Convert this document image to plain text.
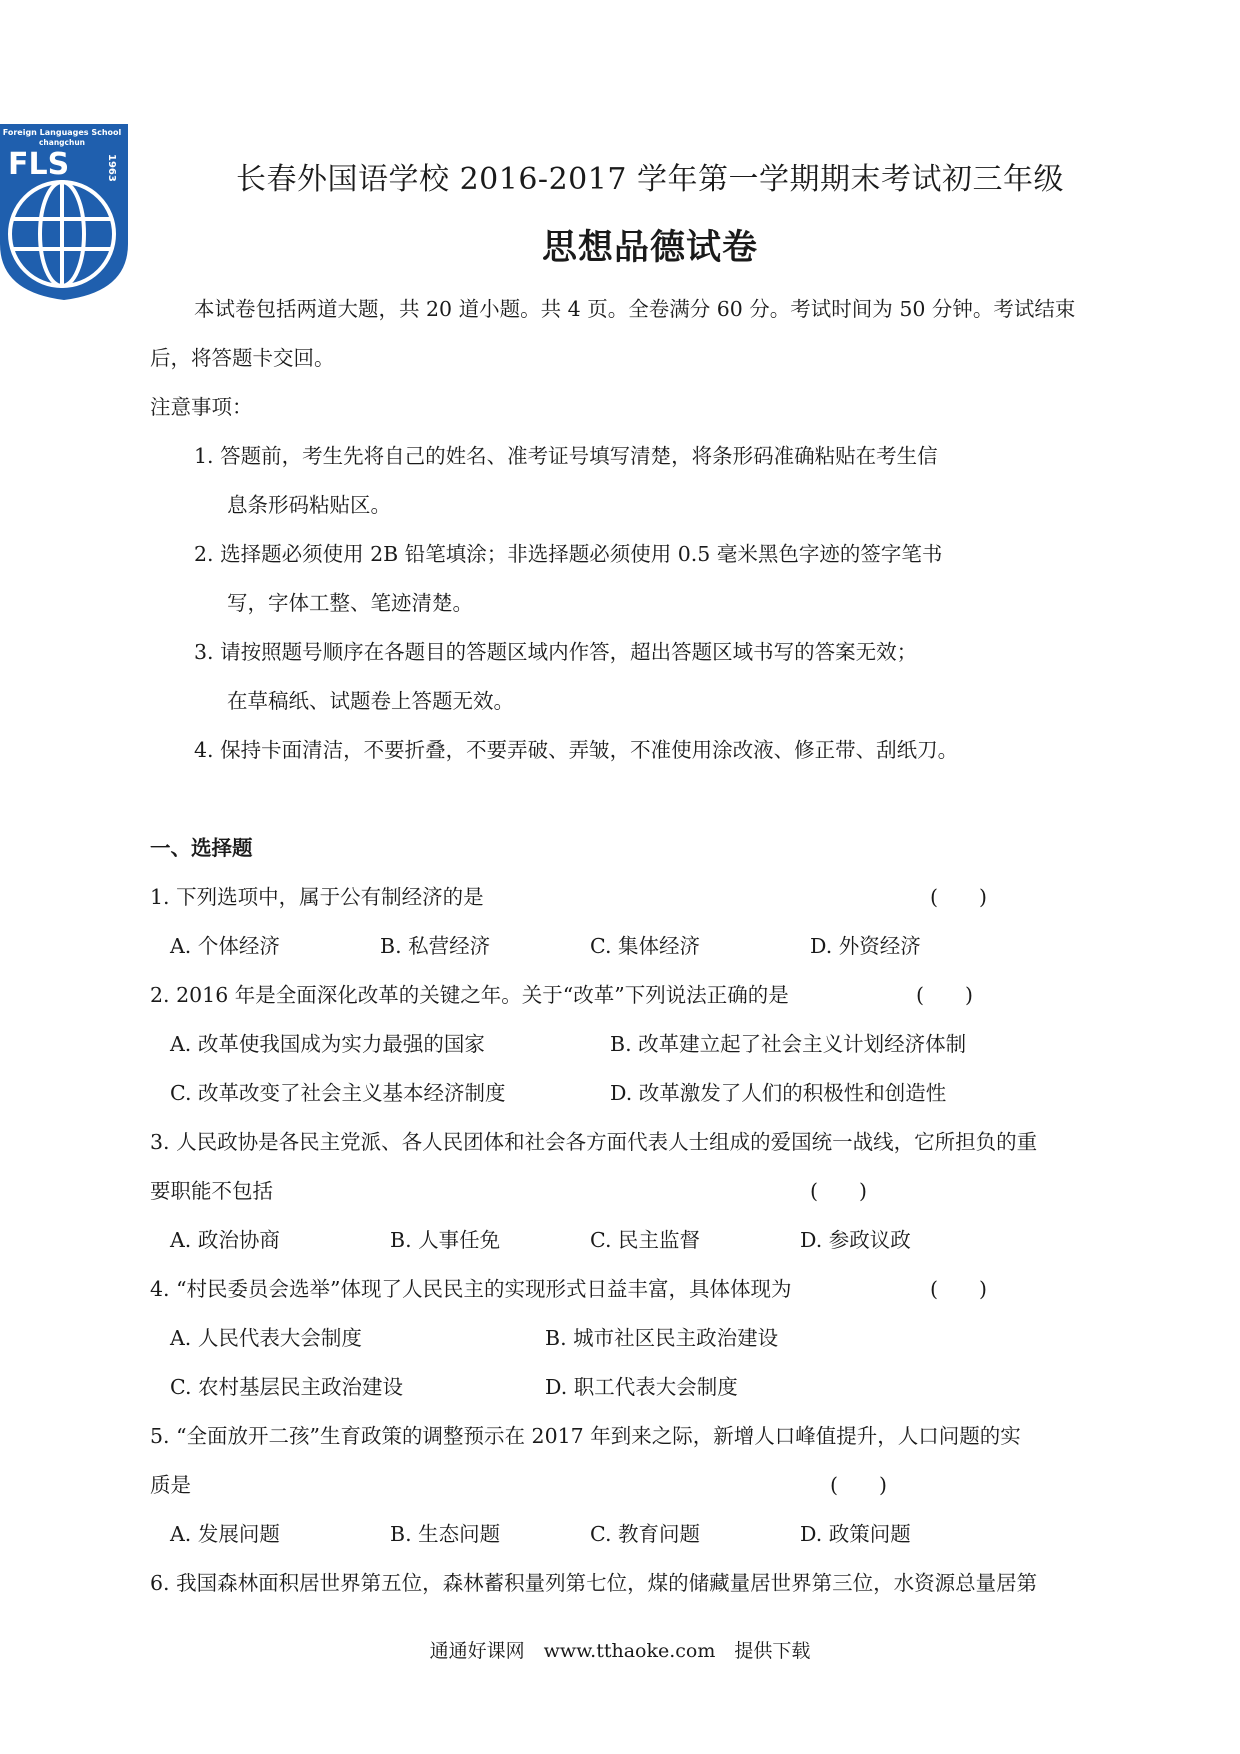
Foreign Languages School
changchun
FLS	1963	长春外国语学校 2016-2017 学年第一学期期末考试初三年级
思想品德试卷
本试卷包括两道大题，共 20 道小题。共 4 页。全卷满分 60 分。考试时间为 50 分钟。考试结束
后，将答题卡交回。
注意事项：
1. 答题前，考生先将自己的姓名、准考证号填写清楚，将条形码准确粘贴在考生信
息条形码粘贴区。
2. 选择题必须使用 2B 铅笔填涂；非选择题必须使用 0.5 毫米黑色字迹的签字笔书
写，字体工整、笔迹清楚。
3. 请按照题号顺序在各题目的答题区域内作答，超出答题区域书写的答案无效；
在草稿纸、试题卷上答题无效。
4. 保持卡面清洁，不要折叠，不要弄破、弄皱，不准使用涂改液、修正带、刮纸刀。
一、选择题
1. 下列选项中，属于公有制经济的是	(　　)
A. 个体经济	B. 私营经济	C. 集体经济	D. 外资经济
2. 2016 年是全面深化改革的关键之年。关于“改革”下列说法正确的是	(　　)
A. 改革使我国成为实力最强的国家	B. 改革建立起了社会主义计划经济体制
C. 改革改变了社会主义基本经济制度	D. 改革激发了人们的积极性和创造性
3. 人民政协是各民主党派、各人民团体和社会各方面代表人士组成的爱国统一战线，它所担负的重
要职能不包括	(　　)
A. 政治协商	B. 人事任免	C. 民主监督	D. 参政议政
4. “村民委员会选举”体现了人民民主的实现形式日益丰富，具体体现为	(　　)
A. 人民代表大会制度	B. 城市社区民主政治建设
C. 农村基层民主政治建设	D. 职工代表大会制度
5. “全面放开二孩”生育政策的调整预示在 2017 年到来之际，新增人口峰值提升，人口问题的实
质是	(　　)
A. 发展问题	B. 生态问题	C. 教育问题	D. 政策问题
6. 我国森林面积居世界第五位，森林蓄积量列第七位，煤的储藏量居世界第三位，水资源总量居第
通通好课网　www.tthaoke.com　提供下载
